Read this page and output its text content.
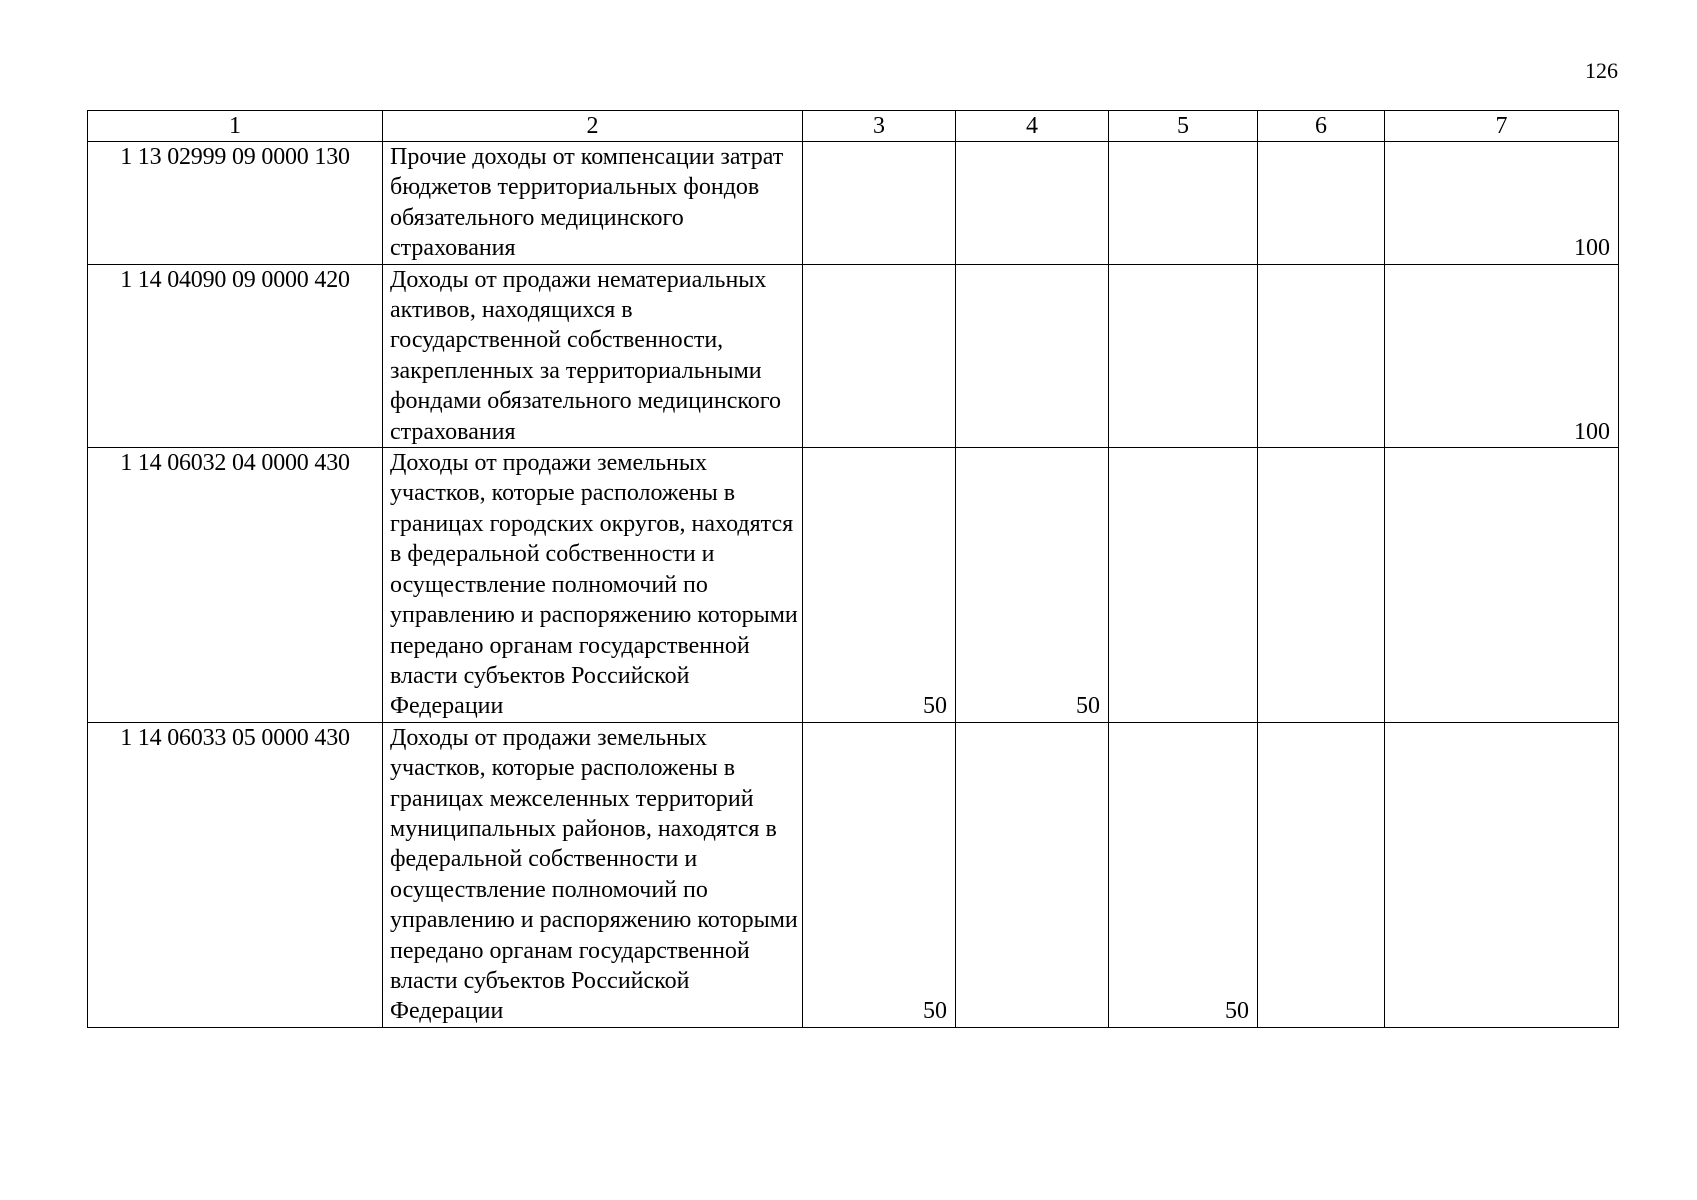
126
1	2	3	4	5	6	7
1 13 02999 09 0000 130	Прочие доходы от компенсации затрат бюджетов территориальных фондов обязательного медицинского страхования					100
1 14 04090 09 0000 420	Доходы от продажи нематериальных активов, находящихся в государственной собственности, закрепленных за территориальными фондами обязательного медицинского страхования					100
1 14 06032 04 0000 430	Доходы от продажи земельных участков, которые расположены в границах городских округов, находятся в федеральной собственности и осуществление полномочий по управлению и распоряжению которыми передано органам государственной власти субъектов Российской Федерации	50	50			
1 14 06033 05 0000 430	Доходы от продажи земельных участков, которые расположены в границах межселенных территорий муниципальных районов, находятся в федеральной собственности и осуществление полномочий по управлению и распоряжению которыми передано органам государственной власти субъектов Российской Федерации	50		50		
